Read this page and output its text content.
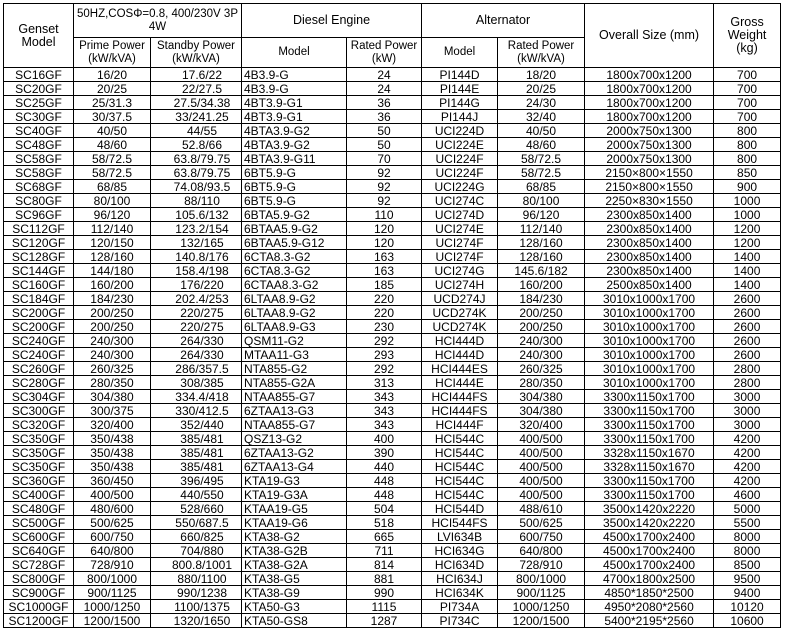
Genset Model	50HZ,COSΦ=0.8, 400/230V 3P 4W		Diesel Engine		Alternator		Overall Size (mm)	Gross Weight (kg)
	Prime Power (kW/kVA)	Standby Power (kW/kVA)	Model	Rated Power (kW)	Model	Rated Power (kW/kVA)		
SC16GF	16/20	17.6/22	4B3.9-G	24	PI144D	18/20	1800x700x1200	700
SC20GF	20/25	22/27.5	4B3.9-G	24	PI144E	20/25	1800x700x1200	700
SC25GF	25/31.3	27.5/34.38	4BT3.9-G1	36	PI144G	24/30	1800x700x1200	700
SC30GF	30/37.5	33/241.25	4BT3.9-G1	36	PI144J	32/40	1800x700x1200	700
SC40GF	40/50	44/55	4BTA3.9-G2	50	UCI224D	40/50	2000x750x1300	800
SC48GF	48/60	52.8/66	4BTA3.9-G2	50	UCI224E	48/60	2000x750x1300	800
SC58GF	58/72.5	63.8/79.75	4BTA3.9-G11	70	UCI224F	58/72.5	2000x750x1300	800
SC58GF	58/72.5	63.8/79.75	6BT5.9-G	92	UCI224F	58/72.5	2150×800×1550	850
SC68GF	68/85	74.08/93.5	6BT5.9-G	92	UCI224G	68/85	2150×800×1550	900
SC80GF	80/100	88/110	6BT5.9-G	92	UCI274C	80/100	2250×830×1550	1000
SC96GF	96/120	105.6/132	6BTA5.9-G2	110	UCI274D	96/120	2300x850x1400	1000
SC112GF	112/140	123.2/154	6BTAA5.9-G2	120	UCI274E	112/140	2300x850x1400	1200
SC120GF	120/150	132/165	6BTAA5.9-G12	120	UCI274F	128/160	2300x850x1400	1200
SC128GF	128/160	140.8/176	6CTA8.3-G2	163	UCI274F	128/160	2300x850x1400	1400
SC144GF	144/180	158.4/198	6CTA8.3-G2	163	UCI274G	145.6/182	2300x850x1400	1400
SC160GF	160/200	176/220	6CTAA8.3-G2	185	UCI274H	160/200	2500x850x1400	1400
SC184GF	184/230	202.4/253	6LTAA8.9-G2	220	UCD274J	184/230	3010x1000x1700	2600
SC200GF	200/250	220/275	6LTAA8.9-G2	220	UCD274K	200/250	3010x1000x1700	2600
SC200GF	200/250	220/275	6LTAA8.9-G3	230	UCD274K	200/250	3010x1000x1700	2600
SC240GF	240/300	264/330	QSM11-G2	292	HCI444D	240/300	3010x1000x1700	2600
SC240GF	240/300	264/330	MTAA11-G3	293	HCI444D	240/300	3010x1000x1700	2600
SC260GF	260/325	286/357.5	NTA855-G2	292	HCI444ES	260/325	3010x1000x1700	2800
SC280GF	280/350	308/385	NTA855-G2A	313	HCI444E	280/350	3010x1000x1700	2800
SC304GF	304/380	334.4/418	NTAA855-G7	343	HCI444FS	304/380	3300x1150x1700	3000
SC300GF	300/375	330/412.5	6ZTAA13-G3	343	HCI444FS	304/380	3300x1150x1700	3000
SC320GF	320/400	352/440	NTAA855-G7	343	HCI444F	320/400	3300x1150x1700	3000
SC350GF	350/438	385/481	QSZ13-G2	400	HCI544C	400/500	3300x1150x1700	4200
SC350GF	350/438	385/481	6ZTAA13-G2	390	HCI544C	400/500	3328x1150x1670	4200
SC350GF	350/438	385/481	6ZTAA13-G4	440	HCI544C	400/500	3328x1150x1670	4200
SC360GF	360/450	396/495	KTA19-G3	448	HCI544C	400/500	3300x1150x1700	4200
SC400GF	400/500	440/550	KTA19-G3A	448	HCI544C	400/500	3300x1150x1700	4600
SC480GF	480/600	528/660	KTAA19-G5	504	HCI544D	488/610	3500x1420x2220	5000
SC500GF	500/625	550/687.5	KTAA19-G6	518	HCI544FS	500/625	3500x1420x2220	5500
SC600GF	600/750	660/825	KTA38-G2	665	LVI634B	600/750	4500x1700x2400	8000
SC640GF	640/800	704/880	KTA38-G2B	711	HCI634G	640/800	4500x1700x2400	8000
SC728GF	728/910	800.8/1001	KTA38-G2A	814	HCI634D	728/910	4500x1700x2400	8500
SC800GF	800/1000	880/1100	KTA38-G5	881	HCI634J	800/1000	4700x1800x2500	9500
SC900GF	900/1125	990/1238	KTA38-G9	990	HCI634K	900/1125	4850*1850*2500	9400
SC1000GF	1000/1250	1100/1375	KTA50-G3	1115	PI734A	1000/1250	4950*2080*2560	10120
SC1200GF	1200/1500	1320/1650	KTA50-GS8	1287	PI734C	1200/1500	5400*2195*2560	10600
